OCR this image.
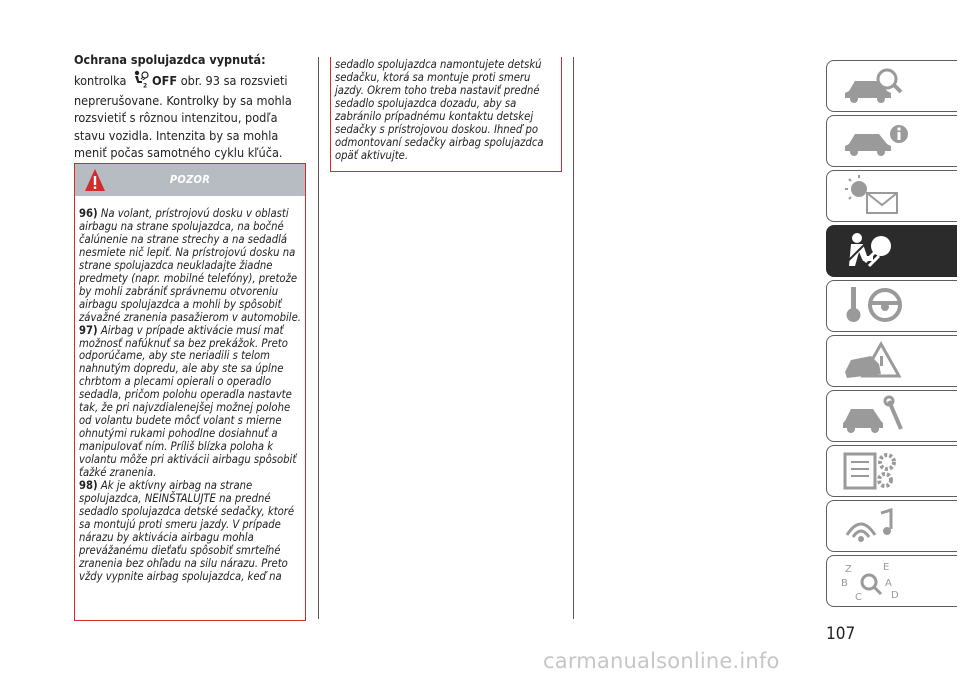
Ochrana spolujazdca vypnutá:
kontrolka	2 OFF obr. 93 sa rozsvieti neprerušovane. Kontrolky by sa mohla rozsvietiť s rôznou intenzitou, podľa stavu vozidla. Intenzita by sa mohla meniť počas samotného cyklu kľúča.
POZOR
96) Na volant, prístrojovú dosku v oblasti airbagu na strane spolujazdca, na bočné čalúnenie na strane strechy a na sedadlá nesmiete nič lepiť. Na prístrojovú dosku na strane spolujazdca neukladajte žiadne predmety (napr. mobilné telefóny), pretože by mohli zabrániť správnemu otvoreniu airbagu spolujazdca a mohli by spôsobiť závažné zranenia pasažierom v automobile.
97) Airbag v prípade aktivácie musí mať možnosť nafúknuť sa bez prekážok. Preto odporúčame, aby ste neriadili s telom nahnutým dopredu, ale aby ste sa úplne chrbtom a plecami opierali o operadlo sedadla, pričom polohu operadla nastavte tak, že pri najvzdialenejšej možnej polohe od volantu budete môcť volant s mierne ohnutými rukami pohodlne dosiahnuť a manipulovať ním. Príliš blízka poloha k volantu môže pri aktivácii airbagu spôsobiť ťažké zranenia.
98) Ak je aktívny airbag na strane spolujazdca, NEINŠTALUJTE na predné sedadlo spolujazdca detské sedačky, ktoré sa montujú proti smeru jazdy. V prípade nárazu by aktivácia airbagu mohla prevážanému dieťaťu spôsobiť smrteľné zranenia bez ohľadu na silu nárazu. Preto vždy vypnite airbag spolujazdca, keď na
sedadlo spolujazdca namontujete detskú sedačku, ktorá sa montuje proti smeru jazdy. Okrem toho treba nastaviť predné sedadlo spolujazdca dozadu, aby sa zabránilo prípadnému kontaktu detskej sedačky s prístrojovou doskou. Ihneď po odmontovaní sedačky airbag spolujazdca opäť aktivujte.
Z	E
B	A
C	D
107
carmanualsonline.info
